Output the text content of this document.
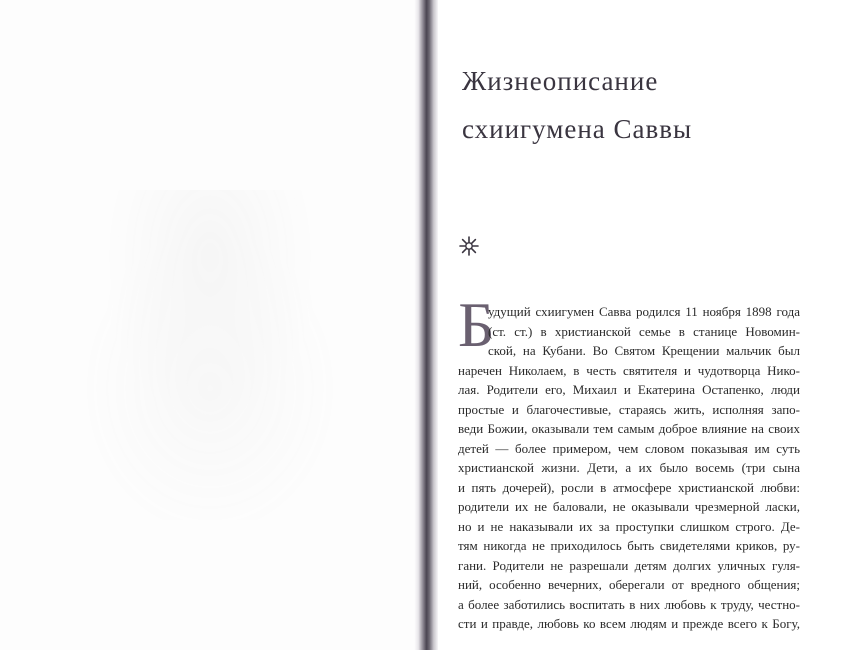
Жизнеописание
схиигумена Саввы
Б
удущий схиигумен Савва родился 11 ноября 1898 года
(ст. ст.) в христианской семье в станице Новомин-
ской, на Кубани. Во Святом Крещении мальчик был
наречен Николаем, в честь святителя и чудотворца Нико-
лая. Родители его, Михаил и Екатерина Остапенко, люди
простые и благочестивые, стараясь жить, исполняя запо-
веди Божии, оказывали тем самым доброе влияние на своих
детей — более примером, чем словом показывая им суть
христианской жизни. Дети, а их было восемь (три сына
и пять дочерей), росли в атмосфере христианской любви:
родители их не баловали, не оказывали чрезмерной ласки,
но и не наказывали их за проступки слишком строго. Де-
тям никогда не приходилось быть свидетелями криков, ру-
гани. Родители не разрешали детям долгих уличных гуля-
ний, особенно вечерних, оберегали от вредного общения;
а более заботились воспитать в них любовь к труду, честно-
сти и правде, любовь ко всем людям и прежде всего к Богу,
